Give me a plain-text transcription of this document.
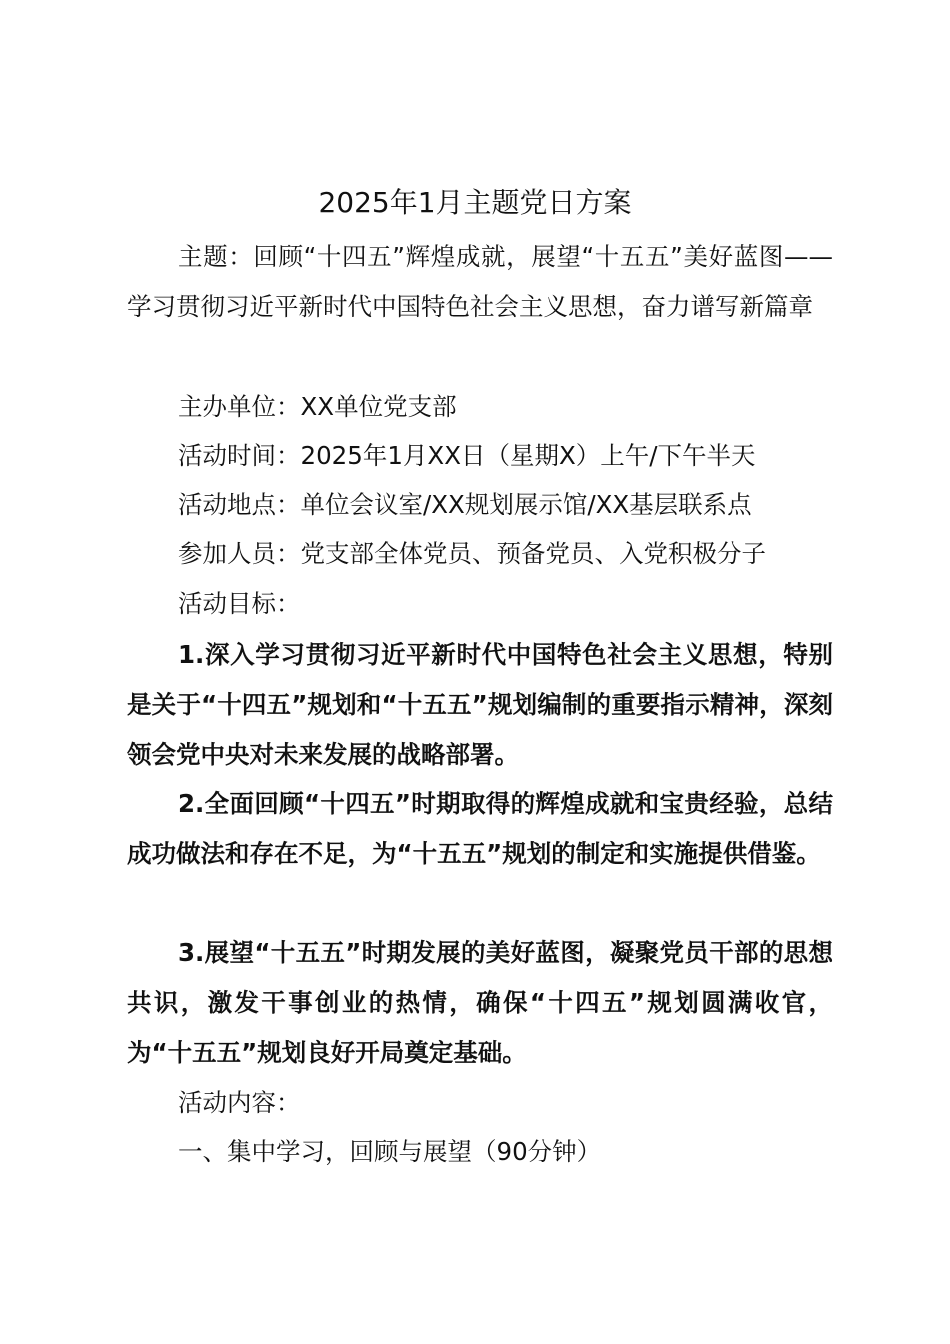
2025年1月主题党日方案

主题：回顾“十四五”辉煌成就，展望“十五五”美好蓝图——学习贯彻习近平新时代中国特色社会主义思想，奋力谱写新篇章

主办单位：XX单位党支部

活动时间：2025年1月XX日（星期X）上午/下午半天

活动地点：单位会议室/XX规划展示馆/XX基层联系点

参加人员：党支部全体党员、预备党员、入党积极分子

活动目标：

1.深入学习贯彻习近平新时代中国特色社会主义思想，特别是关于“十四五”规划和“十五五”规划编制的重要指示精神，深刻领会党中央对未来发展的战略部署。

2.全面回顾“十四五”时期取得的辉煌成就和宝贵经验，总结成功做法和存在不足，为“十五五”规划的制定和实施提供借鉴。

3.展望“十五五”时期发展的美好蓝图，凝聚党员干部的思想共识，激发干事创业的热情，确保“十四五”规划圆满收官，为“十五五”规划良好开局奠定基础。

活动内容：

一、集中学习，回顾与展望（90分钟）
